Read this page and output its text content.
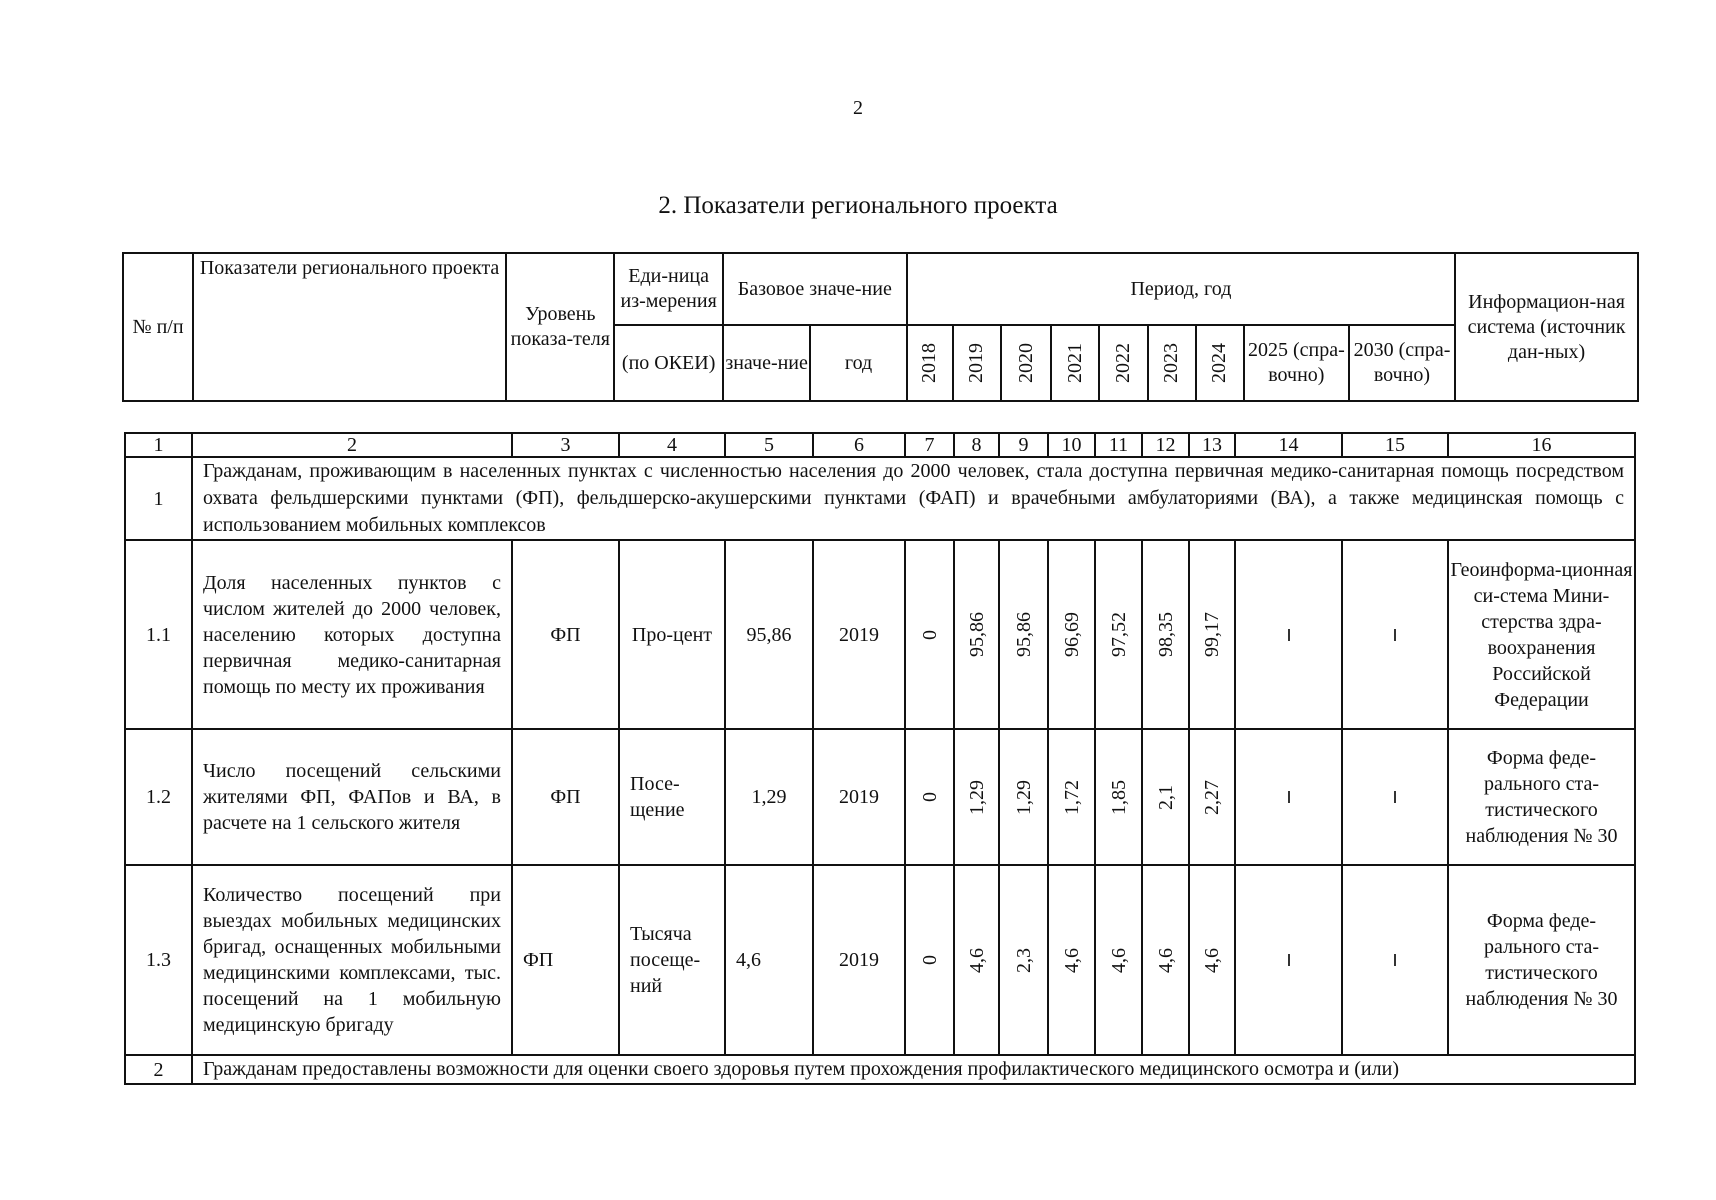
2
2. Показатели регионального проекта
№ п/п	Показатели регионального проекта	Уровень показа-теля	Еди-ница из-мерения	Базовое значе-ние		Период, год									Информацион-ная система (источник дан-ных)
			(по ОКЕИ)	значе-ние	год	2018	2019	2020	2021	2022	2023	2024	2025 (спра-вочно)	2030 (спра-вочно)	
1	2	3	4	5	6	7	8	9	10	11	12	13	14	15	16
1	Гражданам, проживающим в населенных пунктах с численностью населения до 2000 человек, стала доступна первичная медико-санитарная помощь посредством охвата фельдшерскими пунктами (ФП), фельдшерско-акушерскими пунктами (ФАП) и врачебными амбулаториями (ВА), а также медицинская помощь с использованием мобильных комплексов														
1.1	Доля населенных пунктов с числом жителей до 2000 человек, населению которых доступна первичная медико-санитарная помощь по месту их проживания	ФП	Про-цент	95,86	2019	0	95,86	95,86	96,69	97,52	98,35	99,17			Геоинформа-ционная си-стема Мини-стерства здра-воохранения Российской Федерации
1.2	Число посещений сельскими жителями ФП, ФАПов и ВА, в расчете на 1 сельского жителя	ФП	Посе-щение	1,29	2019	0	1,29	1,29	1,72	1,85	2,1	2,27			Форма феде-рального ста-тистического наблюдения № 30
1.3	Количество посещений при выездах мобильных медицинских бригад, оснащенных мобильными медицинскими комплексами, тыс. посещений на 1 мобильную медицинскую бригаду	ФП	Тысяча посеще-ний	4,6	2019	0	4,6	2,3	4,6	4,6	4,6	4,6			Форма феде-рального ста-тистического наблюдения № 30
2	Гражданам предоставлены возможности для оценки своего здоровья путем прохождения профилактического медицинского осмотра и (или)														
